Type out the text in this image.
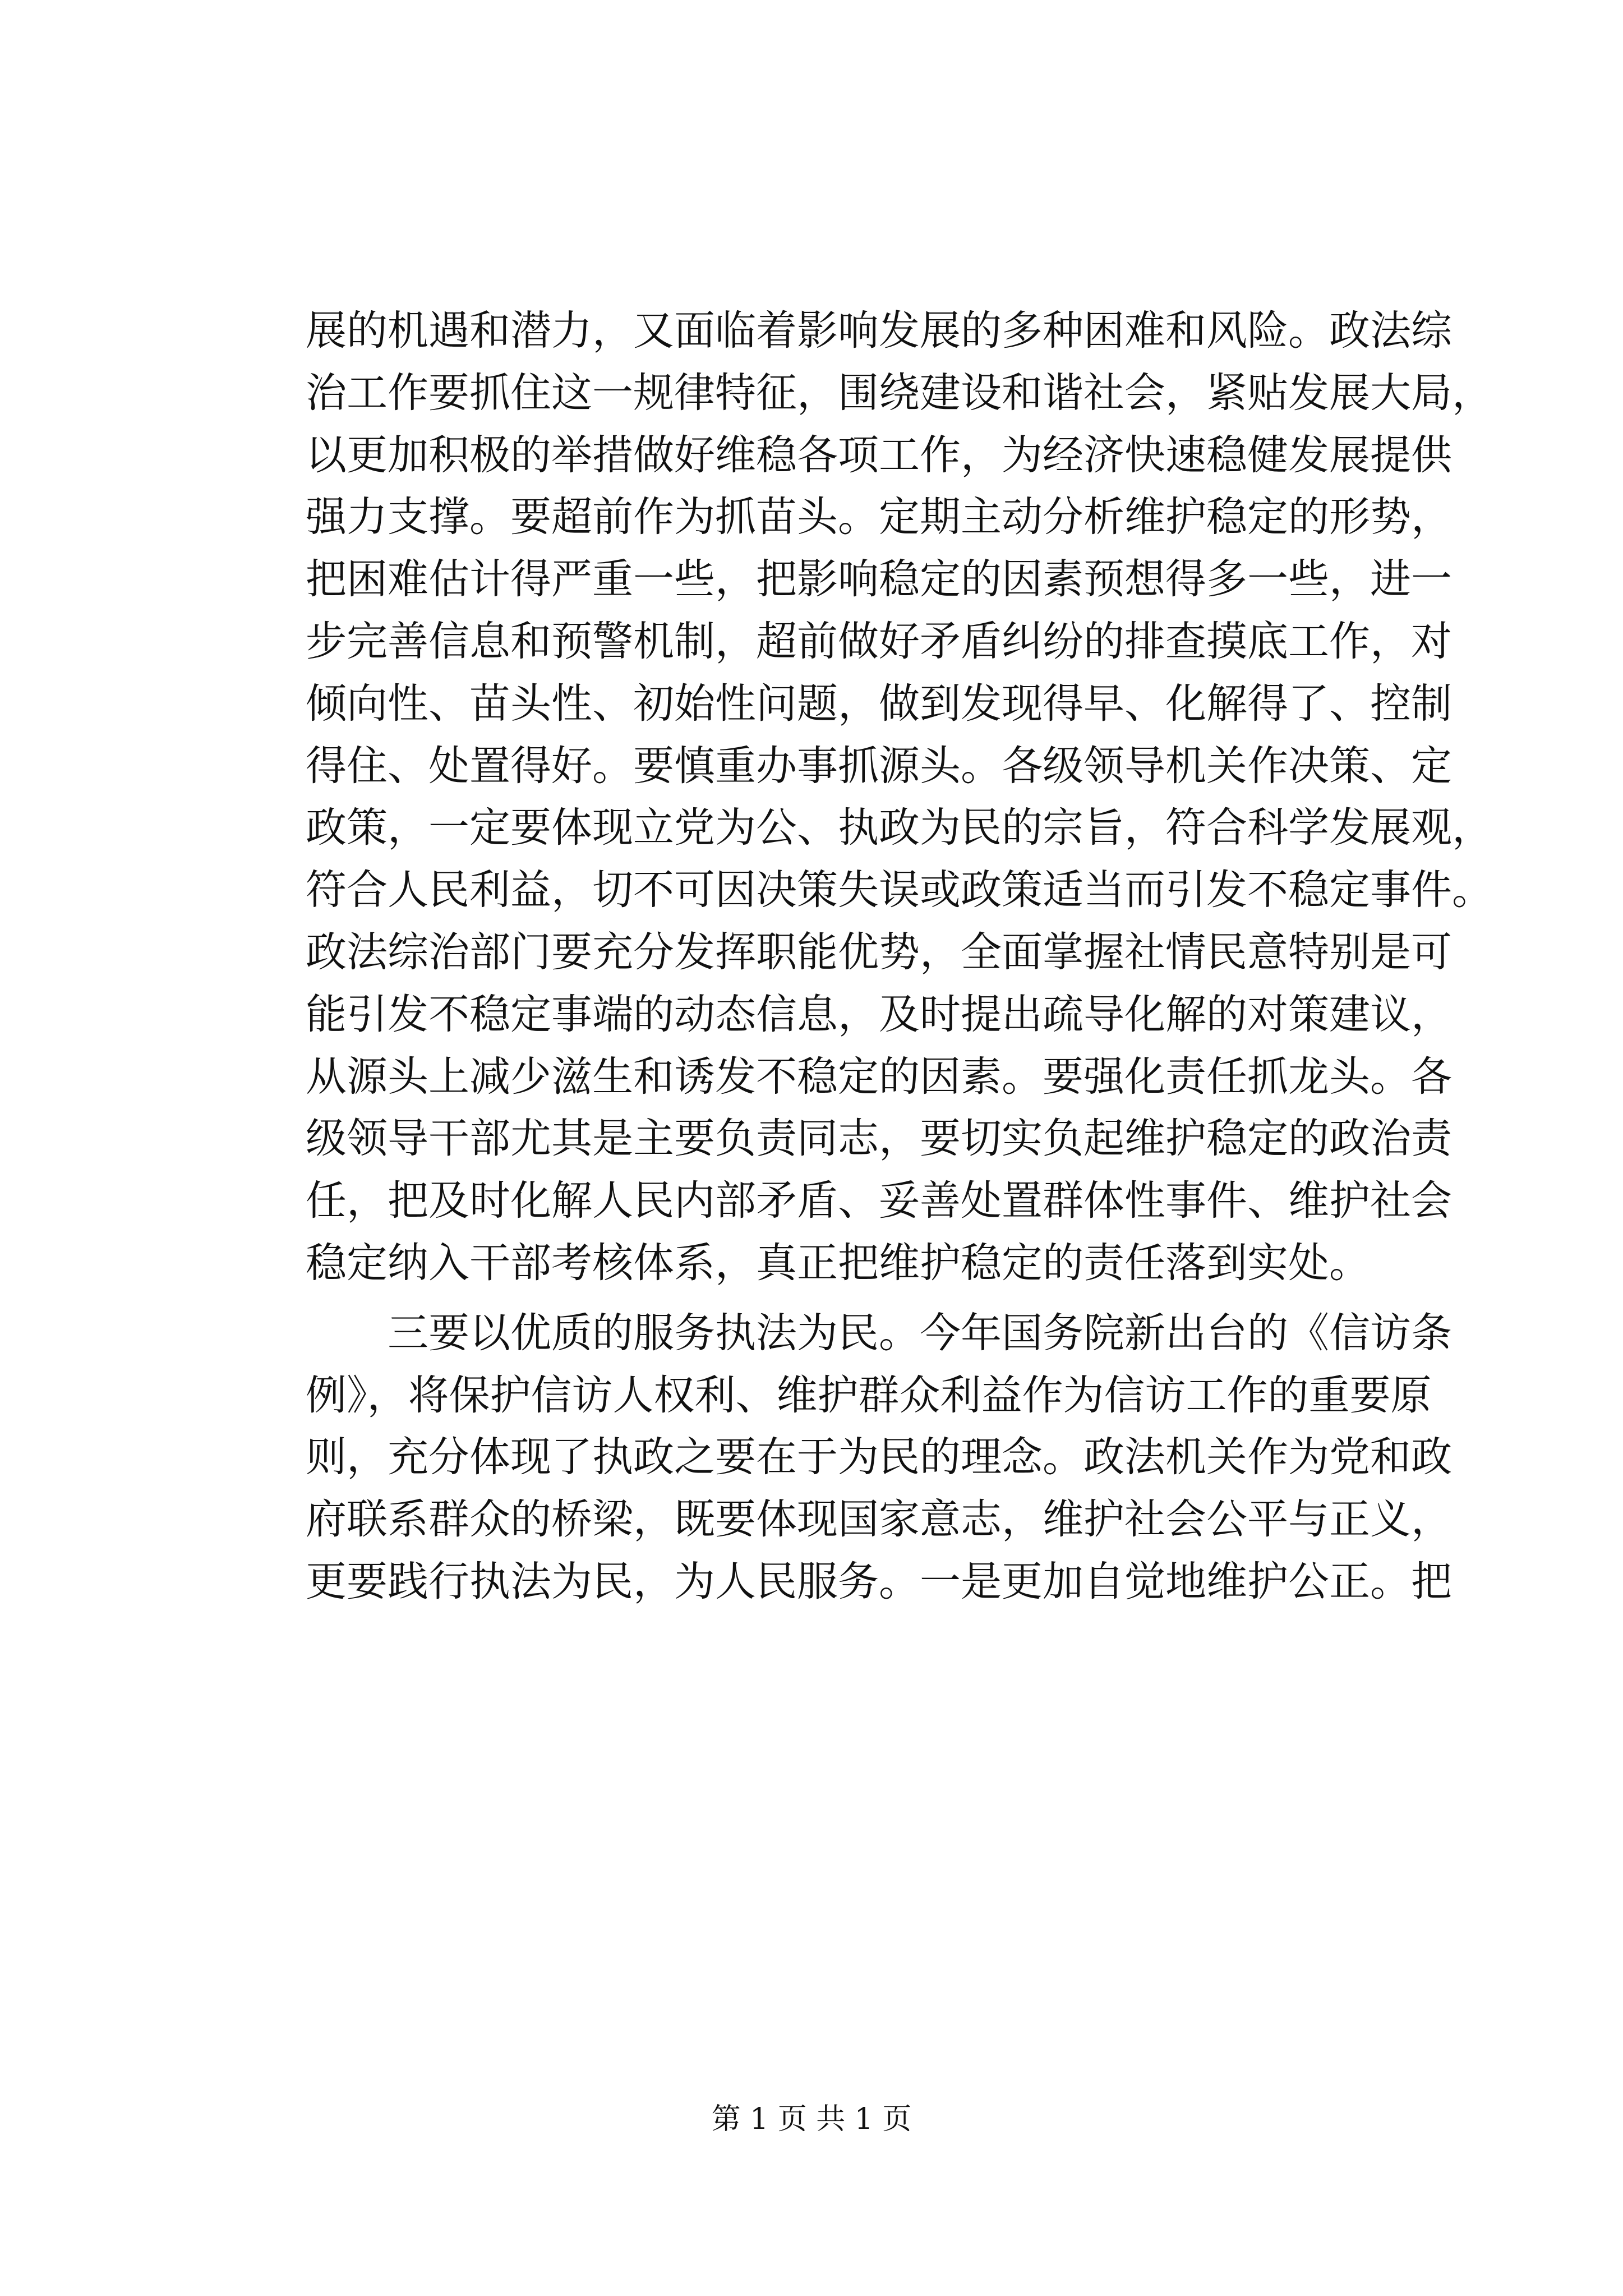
展的机遇和潜力，又面临着影响发展的多种困难和风险。政法综
治工作要抓住这一规律特征，围绕建设和谐社会，紧贴发展大局，
以更加积极的举措做好维稳各项工作，为经济快速稳健发展提供
强力支撑。要超前作为抓苗头。定期主动分析维护稳定的形势，
把困难估计得严重一些，把影响稳定的因素预想得多一些，进一
步完善信息和预警机制，超前做好矛盾纠纷的排查摸底工作，对
倾向性、苗头性、初始性问题，做到发现得早、化解得了、控制
得住、处置得好。要慎重办事抓源头。各级领导机关作决策、定
政策，一定要体现立党为公、执政为民的宗旨，符合科学发展观，
符合人民利益，切不可因决策失误或政策适当而引发不稳定事件。
政法综治部门要充分发挥职能优势，全面掌握社情民意特别是可
能引发不稳定事端的动态信息，及时提出疏导化解的对策建议，
从源头上减少滋生和诱发不稳定的因素。要强化责任抓龙头。各
级领导干部尤其是主要负责同志，要切实负起维护稳定的政治责
任，把及时化解人民内部矛盾、妥善处置群体性事件、维护社会
稳定纳入干部考核体系，真正把维护稳定的责任落到实处。
　　三要以优质的服务执法为民。今年国务院新出台的《信访条
例》，将保护信访人权利、维护群众利益作为信访工作的重要原
则，充分体现了执政之要在于为民的理念。政法机关作为党和政
府联系群众的桥梁，既要体现国家意志，维护社会公平与正义，
更要践行执法为民，为人民服务。一是更加自觉地维护公正。把
第 1 页 共 1 页
